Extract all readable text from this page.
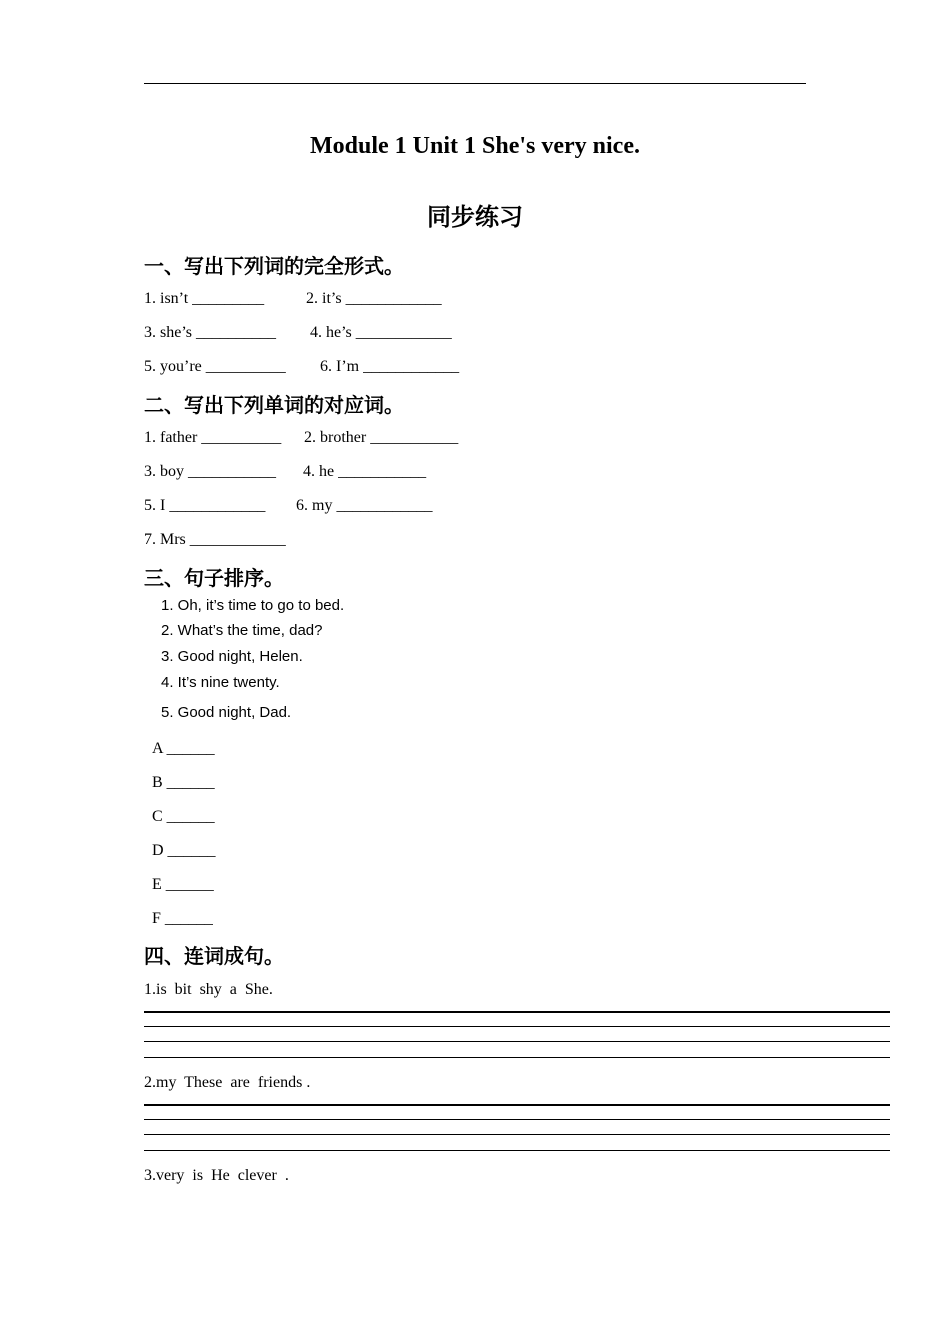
Module 1 Unit 1 She's very nice.
同步练习
一、写出下列词的完全形式。
1. isn’t _________	2. it’s ____________
3. she’s __________ 4. he’s ____________
5. you’re __________ 6. I’m ____________
二、写出下列单词的对应词。
1. father __________ 2. brother ___________
3. boy ___________ 4. he ___________
5. I ____________ 6. my ____________
7. Mrs ____________
三、句子排序。
1. Oh, it’s time to go to bed.
2. What’s the time, dad?
3. Good night, Helen.
4. It’s nine twenty.
5. Good night, Dad.
A ______
B ______
C ______
D ______
E ______
F ______
四、连词成句。
1.is  bit  shy  a  She.
2.my  These  are  friends .
3.very  is  He  clever  .
